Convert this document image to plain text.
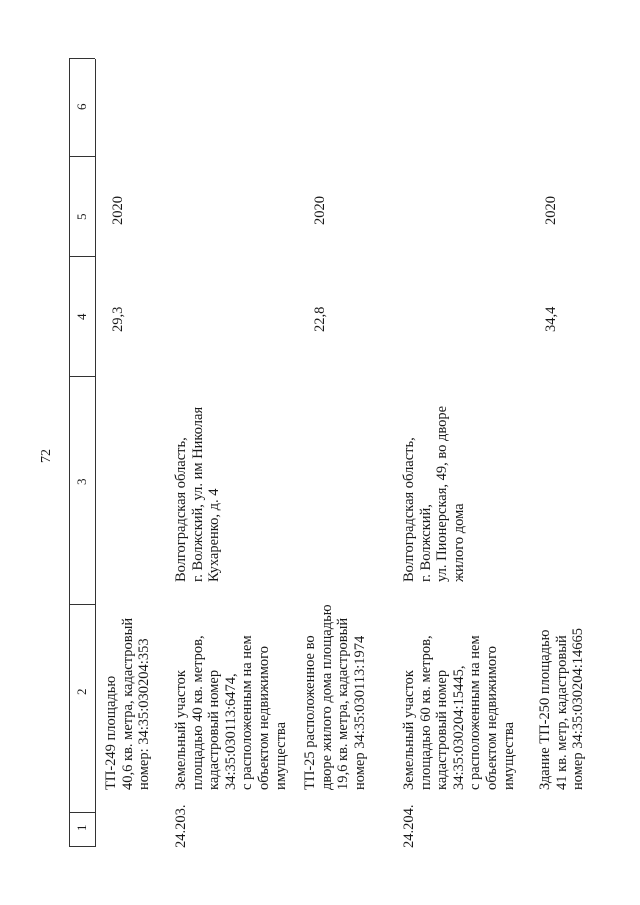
72
1
2
3
4
5
6
ТП-249 площадью 40,6 кв. метра, кадастровый номер: 34:35:030204:353
29,3
2020
24.203.
Земельный участок площадью 40 кв. метров, кадастровый номер 34:35:030113:6474, с расположенным на нем объектом недвижимого имущества
Волгоградская область, г. Волжский, ул. им Николая Кухаренко, д. 4
ТП-25 расположенное во дворе жилого дома площадью 19,6 кв. метра, кадастровый номер 34:35:030113:1974
22,8
2020
24.204.
Земельный участок площадью 60 кв. метров, кадастровый номер 34:35:030204:15445, с расположенным на нем объектом недвижимого имущества
Волгоградская область, г. Волжский, ул. Пионерская, 49, во дворе жилого дома
Здание ТП-250 площадью 41 кв. метр, кадастровый номер 34:35:030204:14665
34,4
2020
